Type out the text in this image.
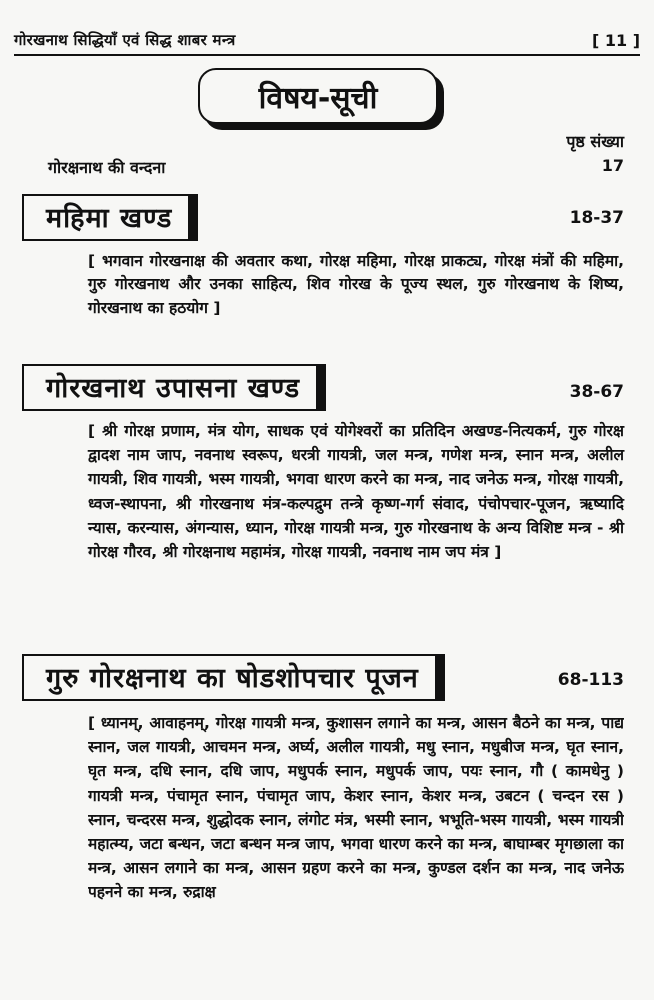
गोरखनाथ सिद्धियाँ एवं सिद्ध शाबर मन्त्र	[ 11 ]
विषय-सूची
पृष्ठ संख्या
गोरक्षनाथ की वन्दना	17
महिमा खण्ड	18-37
[ भगवान गोरखनाक्ष की अवतार कथा, गोरक्ष महिमा, गोरक्ष प्राकट्य, गोरक्ष मंत्रों की महिमा, गुरु गोरखनाथ और उनका साहित्य, शिव गोरख के पूज्य स्थल, गुरु गोरखनाथ के शिष्य, गोरखनाथ का हठयोग ]
गोरखनाथ उपासना खण्ड	38-67
[ श्री गोरक्ष प्रणाम, मंत्र योग, साधक एवं योगेश्वरों का प्रतिदिन अखण्ड-नित्यकर्म, गुरु गोरक्ष द्वादश नाम जाप, नवनाथ स्वरूप, धरत्री गायत्री, जल मन्त्र, गणेश मन्त्र, स्नान मन्त्र, अलील गायत्री, शिव गायत्री, भस्म गायत्री, भगवा धारण करने का मन्त्र, नाद जनेऊ मन्त्र, गोरक्ष गायत्री, ध्वज-स्थापना, श्री गोरखनाथ मंत्र-कल्पद्रुम तन्त्रे कृष्ण-गर्ग संवाद, पंचोपचार-पूजन, ऋष्यादि न्यास, करन्यास, अंगन्यास, ध्यान, गोरक्ष गायत्री मन्त्र, गुरु गोरखनाथ के अन्य विशिष्ट मन्त्र - श्री गोरक्ष गौरव, श्री गोरक्षनाथ महामंत्र, गोरक्ष गायत्री, नवनाथ नाम जप मंत्र ]
गुरु गोरक्षनाथ का षोडशोपचार पूजन	68-113
[ ध्यानम्, आवाहनम्, गोरक्ष गायत्री मन्त्र, कुशासन लगाने का मन्त्र, आसन बैठने का मन्त्र, पाद्य स्नान, जल गायत्री, आचमन मन्त्र, अर्घ्य, अलील गायत्री, मधु स्नान, मधुबीज मन्त्र, घृत स्नान, घृत मन्त्र, दधि स्नान, दधि जाप, मधुपर्क स्नान, मधुपर्क जाप, पयः स्नान, गौ ( कामधेनु ) गायत्री मन्त्र, पंचामृत स्नान, पंचामृत जाप, केशर स्नान, केशर मन्त्र, उबटन ( चन्दन रस ) स्नान, चन्दरस मन्त्र, शुद्धोदक स्नान, लंगोट मंत्र, भस्मी स्नान, भभूति-भस्म गायत्री, भस्म गायत्री महात्म्य, जटा बन्धन, जटा बन्धन मन्त्र जाप, भगवा धारण करने का मन्त्र, बाघाम्बर मृगछाला का मन्त्र, आसन लगाने का मन्त्र, आसन ग्रहण करने का मन्त्र, कुण्डल दर्शन का मन्त्र, नाद जनेऊ पहनने का मन्त्र, रुद्राक्ष
